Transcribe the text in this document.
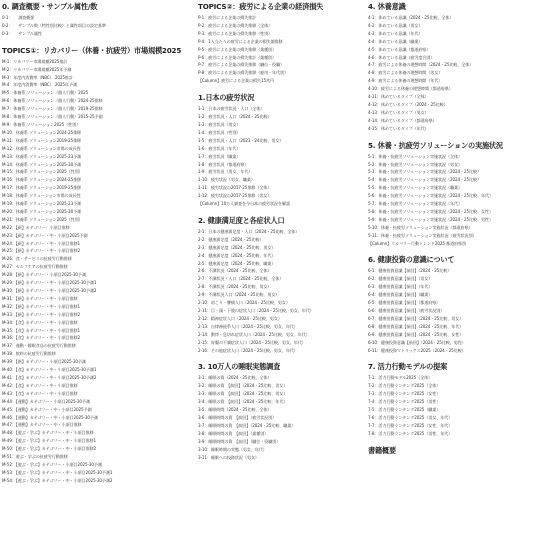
0. 調査概要・サンプル属性/数
0-1：　　調査概要
0-2：　　サンプル数（特性別比較）と属性項目の設定基準
0-3：　　サンプル属性
TOPICS①：リカバリー（休養・抗疲労）市場規模2025
M-1：リカバリー市場規模2025推計
M-2：リカバリー市場規模2025年予測
M-3：年度内消費率（NBC） 2025推計
M-4：年度内消費率（NBC） 2025年予測
M-5：休養系 ソリューション（個人行動）2025
M-6：休養系 ソリューション（個人行動）2024-25推移
M-7：休養系 ソリューション（個人行動）2019-25推移
M-8：休養系 ソリューション（個人行動）2015-25予測
M-9：休養系 ソリューション2025（性別）
M-10：休養系 ソリューション2024-25推移
M-11：休養系 ソリューション2019-25推移
M-12：休養系 ソリューション市場の成長性
M-13：休養系 ソリューション2025-23予測
M-14：休養系 ソリューション2025-30予測
M-15：休養系 ソリューション2025（性別）
M-16：休養系 ソリューション2024-25推移
M-17：休養系 ソリューション2019-25推移
M-18：休養系 ソリューション市場の成長性
M-19：休養系 ソリューション2025-23予測
M-20：休養系 ソリューション2025-30予測
M-21：休養系 ソリューション2025（性別）
M-22：【新】カテゴリー：小項目推移
M-23：【新】カテゴリー・中・小項目2025予測
M-24：【新】カテゴリー・中・小項目推移1
M-25：【新】カテゴリー・中・小項目推移2
M-26：食・サービスの抗疲労行動推移
M-27：セルフケアの抗疲労行動推移
M-28：【新】カテゴリー・小項目2025-30予測
M-29：【新】カテゴリー・中・小項目2025-30予測1
M-30：【新】カテゴリー・中・小項目2025-30予測2
M-31：【新】カテゴリー・中・小項目推移
M-32：【新】カテゴリー・中・小項目推移1
M-33：【新】カテゴリー・中・小項目推移2
M-34：【食】カテゴリー・中・小項目推移
M-35：【食】カテゴリー・中・小項目推移1
M-36：【食】カテゴリー・中・小項目推移2
M-37：運動・睡眠食品の抗疲労行動推移
M-38：飲料の抗疲労行動推移
M-39：【新】カテゴリー・小項目2025-30予測
M-40：【食】カテゴリー・中・小項目2025-30予測1
M-41：【食】カテゴリー・中・小項目2025-30予測2
M-42：【食】カテゴリー・中・小項目推移
M-43：【食】カテゴリー・中・小項目推移
M-44：【運動】カテゴリー・小項目2025-30予測
M-45：【運動】カテゴリー・中・小項目2025予測
M-46：【運動】カテゴリー・中・小項目2025-30予測
M-47：【運動】カテゴリー・中・小項目推移
M-48：【遊ぶ・学ぶ】カテゴリー・中・小項目推移
M-49：【遊ぶ・学ぶ】カテゴリー・中・小項目推移1
M-50：【遊ぶ・学ぶ】カテゴリー・中・小項目推移2
M-51：遊ぶ・学ぶの抗疲労行動推移
M-52：【遊ぶ・学ぶ】カテゴリー・小項目2025-30予測
M-53：【遊ぶ・学ぶ】カテゴリー・中・小項目2025-30予測1
M-54：【遊ぶ・学ぶ】カテゴリー・中・小項目2025-30予測2
TOPICS②：疲労による企業の経済損失
P-1：疲労による企業の損失推計
P-2：疲労による企業の損失推移（全体）
P-3：疲労による企業の損失推移（性別）
P-4：1人当たりの疲労による企業の損失額推移
P-5：疲労による企業の損失推移（業種別）
P-6：疲労による企業の損失推計（業種別）
P-7：疲労による企業の損失推移（職位・役職）
P-8：疲労による企業の損失推移（雇用・年代別）
【Column】疲労による企業の損失15兆円
1.日本の疲労状況
1-1：日本の疲労状況・人口（全体）
1-2：疲労状況・人口（2024・25比較）
1-3：疲労状況（男女）
1-4：疲労状況（性別）
1-5：疲労状況・人口（2023・24比較、男女）
1-6：疲労状況（年代）
1-7：疲労状況（職業）
1-8：疲労状況（都道府県）
1-9：疲労状況（男女、年代）
1-10：疲労状況（男女、職業）
1-11：疲労状況の2017-25推移（全体）
1-12：疲労状況の2017-25推移（男女）
【Column】10万人調査を今日本の疲労状況を解説
2. 健康満足度と各症状人口
2-1：日本の健康満足度・人口（2024・25比較、全体）
2-2：健康満足度（2024・25比較）
2-3：健康満足度（2024・25比較、男女）
2-4：健康満足度（2024・25比較、年代）
2-5：健康満足度（2024・25比較、職業）
2-6：不調状況（2024・25比較、全体）
2-7：不調状況・人口（2024・25比較、全体）
2-8：不調状況（2024・25比較、男女）
2-9：不調状況人口（2024・25比較、男女）
2-10：肩こり・腰痛人口（2024・25比較、男女）
2-11：目・頭・下肢の症状人口（2024・25比較、男女、年代）
2-12：精神症状人口（2024・25比較、男女）
2-13：自律神経系人口（2024・25比較、男女、年代）
2-14：動悸・息切れ症状人口（2024・25比較、男女、年代）
2-15：胃腸の不調症状人口（2024・25比較、男女、年代）
2-16：その他症状人口（2024・25比較、男女、年代）
3. 10万人の睡眠実態調査
3-1：睡眠の質（2024・25比較、全体）
3-2：睡眠の質　【前回】（2024・25比較、男女）
3-3：睡眠の質　【前回】（2024・25比較、男女）
3-4：睡眠の質　【前回】（2024・25比較、年代）
3-5：睡眠時間（2024・25比較、全体）
3-6：睡眠時間の質　【前回】（疲労状況別）
3-7：睡眠時間の質　【前回】（2024・25比較、職業）
3-8：睡眠時間の質　【前回】（業種別）
3-9：睡眠時間の質　【前回】（職位・役職別）
3-10：睡眠時間の実態（男女、年代）
3-11：睡眠への投資状況（男女）
4. 休養意識
4-1：休めている意識（2024・25比較、全体）
4-2：休めている意識（男女）
4-3：休めている意識（年代）
4-4：休めている意識（職業）
4-5：休めている意識（都道府県）
4-6：休めている意識（疲労度合別）
4-7：疲労による休養の理想時間（2024・25比較、全体）
4-8：疲労による休養の理想時間（男女）
4-9：疲労による休養の理想時間（年代）
4-10：疲労による休養の理想時間（都道府県）
4-11：休めているタイプ（全体）
4-12：休めているタイプ（2024・25比較）
4-13：休めているタイプ（男女）
4-14：休めているタイプ（都道府県）
4-15：休めているタイプ（年代）
5. 休養・抗疲労ソリューションの実施状況
5-1：休養・抗疲労ソリューション実施状況（全体）
5-2：休養・抗疲労ソリューション実施状況（男女）
5-3：休養・抗疲労ソリューション実施状況（2024・25比較）
5-4：休養・抗疲労ソリューション実施状況（2024・25比較）
5-5：休養・抗疲労ソリューション実施状況（職業）
5-6：休養・抗疲労ソリューション実施状況（2024・25比較、年代）
5-7：休養・抗疲労ソリューション実施状況（年代）
5-8：休養・抗疲労ソリューション実施状況（2024・25比較、女性）
5-9：休養・抗疲労ソリューション実施状況（2024・25比較、男性）
5-10：休養・抗疲労ソリューション実施状況（都道府県）
5-11：休養・抗疲労ソリューション実施状況（疲労状況別）
【Column】リカバリー行動トレンド2025 都道府県別
6. 健康投資の意識について
6-1：健康投資意識【前回】（2024・25比較）
6-2：健康投資意識【前回】（男女）
6-3：健康投資意識【前回】（年代）
6-4：健康投資意識【前回】（職業）
6-5：健康投資意識【前回】（都道府県）
6-6：健康投資意識【前回】（疲労状況別）
6-7：健康投資意識【前回】（2024・25比較、男女）
6-8：健康投資意識【前回】（2024・25比較、年代）
6-9：健康投資意識【前回】（2024・25比較、女性）
6-10：健康投資意識【前回】（2024・25比較、男性）
6-11：健康投資マトリックス2025（2024・25比較）
7. 活力行動モデルの提案
7-1：活力行動モデル2025（全体）
7-2：活力行動ランキング2025（全体）
7-3：活力行動ランキング2025（女性）
7-4：活力行動ランキング2025（男性）
7-5：活力行動ランキング2025（職業）
7-6：活力行動ランキング2025（男女、年代）
7-7：活力行動ランキング2025（女性、年代）
7-8：活力行動ランキング2025（男性、年代）
書籍概要
